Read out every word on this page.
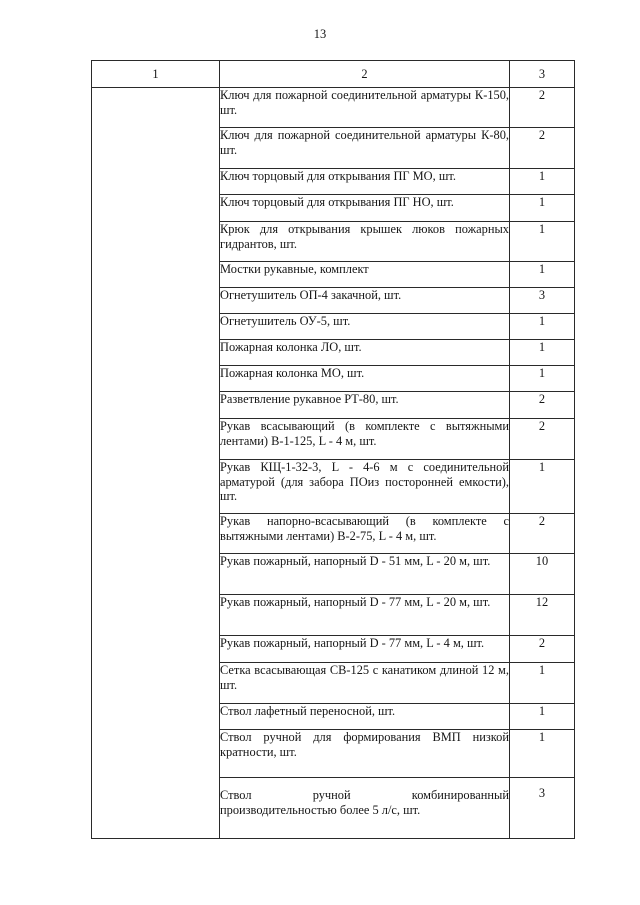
13
1	2	3
	Ключ для пожарной соединительной арматуры К-150, шт.	2
	Ключ для пожарной соединительной арматуры К-80, шт.	2
	Ключ торцовый для открывания ПГ МО, шт.	1
	Ключ торцовый для открывания ПГ НО, шт.	1
	Крюк для открывания крышек люков пожарных гидрантов, шт.	1
	Мостки рукавные, комплект	1
	Огнетушитель ОП-4 закачной, шт.	3
	Огнетушитель ОУ-5, шт.	1
	Пожарная колонка ЛО, шт.	1
	Пожарная колонка МО, шт.	1
	Разветвление рукавное РТ-80, шт.	2
	Рукав всасывающий (в комплекте с вытяжными лентами) В-1-125, L - 4 м, шт.	2
	Рукав КЩ-1-32-3, L - 4-6 м с соединительной арматурой (для забора ПОиз посторонней емкости), шт.	1
	Рукав напорно-всасывающий (в комплекте с вытяжными лентами) В-2-75, L - 4 м, шт.	2
	Рукав пожарный, напорный D - 51 мм, L - 20 м, шт.	10
	Рукав пожарный, напорный D - 77 мм, L - 20 м, шт.	12
	Рукав пожарный, напорный D - 77 мм, L - 4 м, шт.	2
	Сетка всасывающая СВ-125 с канатиком длиной 12 м, шт.	1
	Ствол лафетный переносной, шт.	1
	Ствол ручной для формирования ВМП низкой кратности, шт.	1
	Ствол ручной комбинированный производительностью более 5 л/с, шт.	3
